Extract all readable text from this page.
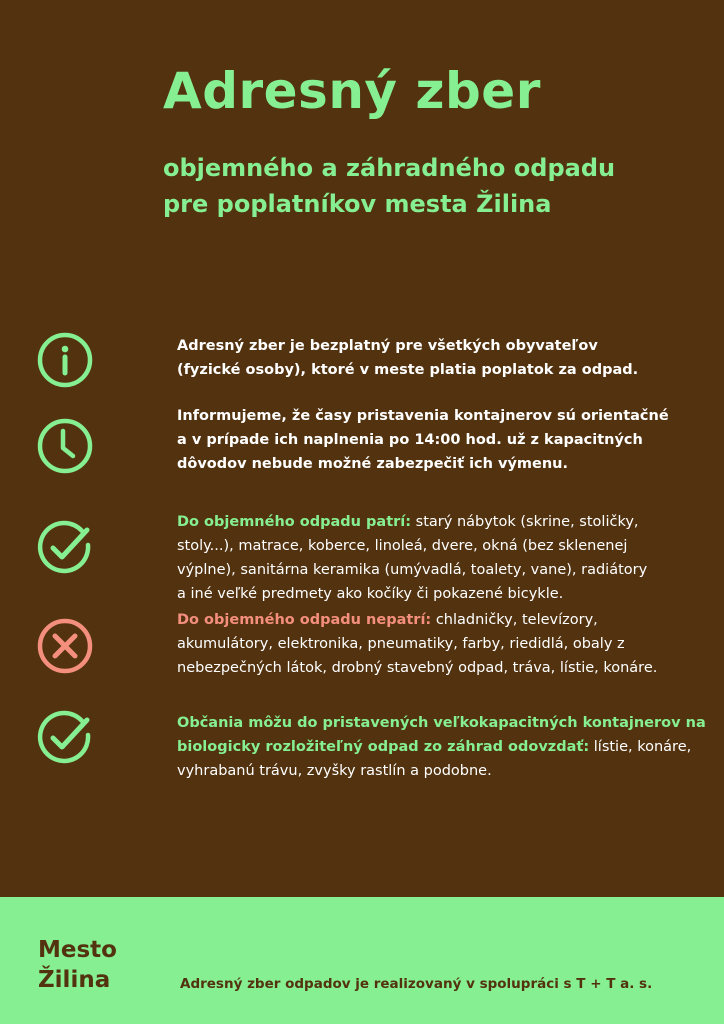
Adresný zber
objemného a záhradného odpadu
pre poplatníkov mesta Žilina

Adresný zber je bezplatný pre všetkých obyvateľov
(fyzické osoby), ktoré v meste platia poplatok za odpad.

Informujeme, že časy pristavenia kontajnerov sú orientačné
a v prípade ich naplnenia po 14:00 hod. už z kapacitných
dôvodov nebude možné zabezpečiť ich výmenu.

Do objemného odpadu patrí: starý nábytok (skrine, stoličky,
stoly...), matrace, koberce, linoleá, dvere, okná (bez sklenenej
výplne), sanitárna keramika (umývadlá, toalety, vane), radiátory
a iné veľké predmety ako kočíky či pokazené bicykle.

Do objemného odpadu nepatrí: chladničky, televízory,
akumulátory, elektronika, pneumatiky, farby, riedidlá, obaly z
nebezpečných látok, drobný stavebný odpad, tráva, lístie, konáre.

Občania môžu do pristavených veľkokapacitných kontajnerov na
biologicky rozložiteľný odpad zo záhrad odovzdať: lístie, konáre,
vyhrabanú trávu, zvyšky rastlín a podobne.

Mesto
Žilina	Adresný zber odpadov je realizovaný v spolupráci s T + T a. s.
